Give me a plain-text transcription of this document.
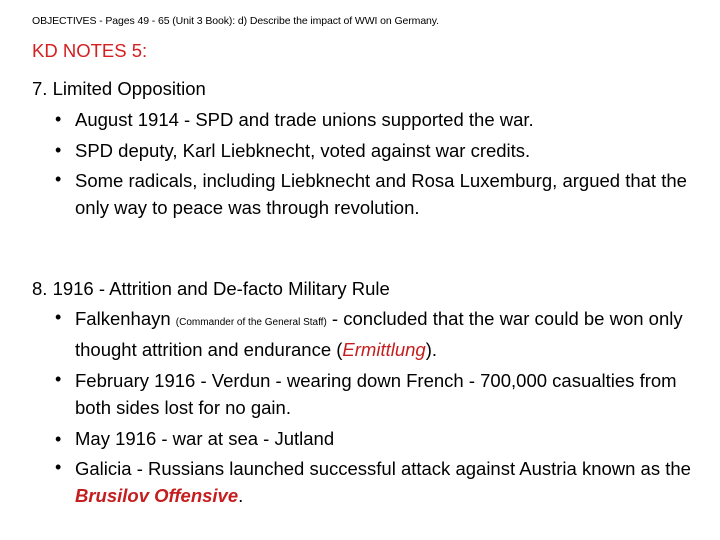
OBJECTIVES - Pages 49 - 65 (Unit 3 Book): d) Describe the impact of WWI on Germany.
KD NOTES 5:
7. Limited Opposition
• August 1914 - SPD and trade unions supported the war.
• SPD deputy, Karl Liebknecht, voted against war credits.
• Some radicals, including Liebknecht and Rosa Luxemburg, argued that the only way to peace was through revolution.
8. 1916 - Attrition and De-facto Military Rule
• Falkenhayn (Commander of the General Staff) - concluded that the war could be won only thought attrition and endurance (Ermittlung).
• February 1916 - Verdun - wearing down French - 700,000 casualties from both sides lost for no gain.
• May 1916 - war at sea - Jutland
• Galicia - Russians launched successful attack against Austria known as the Brusilov Offensive.
